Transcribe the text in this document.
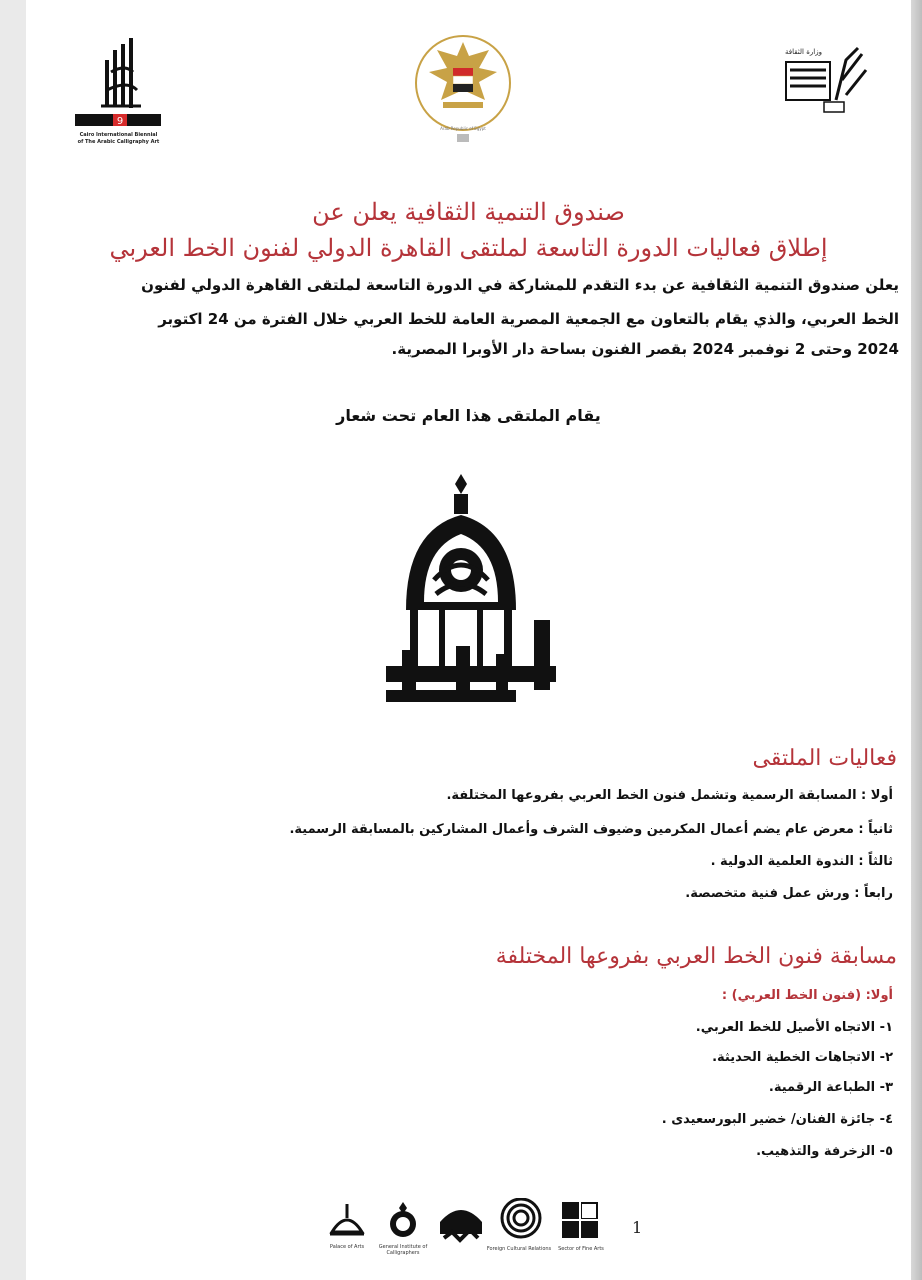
وزارة الثقافة
Arab Republic of Egypt
9
Cairo International Biennial
of The Arabic Calligraphy Art
صندوق التنمية الثقافية يعلن عن
إطلاق فعاليات الدورة التاسعة لملتقى القاهرة الدولي لفنون الخط العربي
يعلن صندوق التنمية الثقافية عن بدء التقدم للمشاركة في الدورة التاسعة لملتقى القاهرة الدولي لفنون
الخط العربي، والذي يقام بالتعاون مع الجمعية المصرية العامة للخط العربي خلال الفترة من 24 اكتوبر
2024 وحتى 2 نوفمبر 2024 بقصر الفنون بساحة دار الأوبرا المصرية.
يقام الملتقى هذا العام تحت شعار
فعاليات الملتقى
أولا : المسابقة الرسمية وتشمل فنون الخط العربي بفروعها المختلفة.
ثانياً : معرض عام يضم أعمال المكرمين وضيوف الشرف وأعمال المشاركين بالمسابقة الرسمية.
ثالثاً : الندوة العلمية الدولية .
رابعاً : ورش عمل فنية متخصصة.
مسابقة فنون الخط العربي بفروعها المختلفة
أولا: (فنون الخط العربي) :
١- الاتجاه الأصيل للخط العربي.
٢- الاتجاهات الخطية الحديثة.
٣- الطباعة الرقمية.
٤- جائزة الفنان/ خضير البورسعيدى .
٥- الزخرفة والتذهيب.
1
Sector of Fine Arts
Foreign Cultural Relations
General Institute of Calligraphers
Palace of Arts
